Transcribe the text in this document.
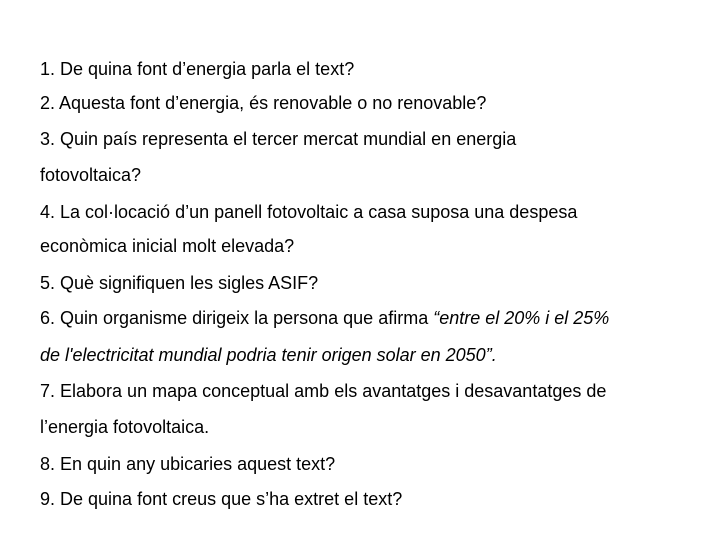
1. De quina font d’energia parla el text?
2. Aquesta font d’energia, és renovable o no renovable?
3. Quin país representa el tercer mercat mundial en energia
fotovoltaica?
4. La col·locació d’un panell fotovoltaic a casa suposa una despesa
econòmica inicial molt elevada?
5. Què signifiquen les sigles ASIF?
6. Quin organisme dirigeix la persona que afirma “entre el 20% i el 25%
de l'electricitat mundial podria tenir origen solar en 2050”.
7. Elabora un mapa conceptual amb els avantatges i desavantatges de
l’energia fotovoltaica.
8. En quin any ubicaries aquest text?
9. De quina font creus que s’ha extret el text?
